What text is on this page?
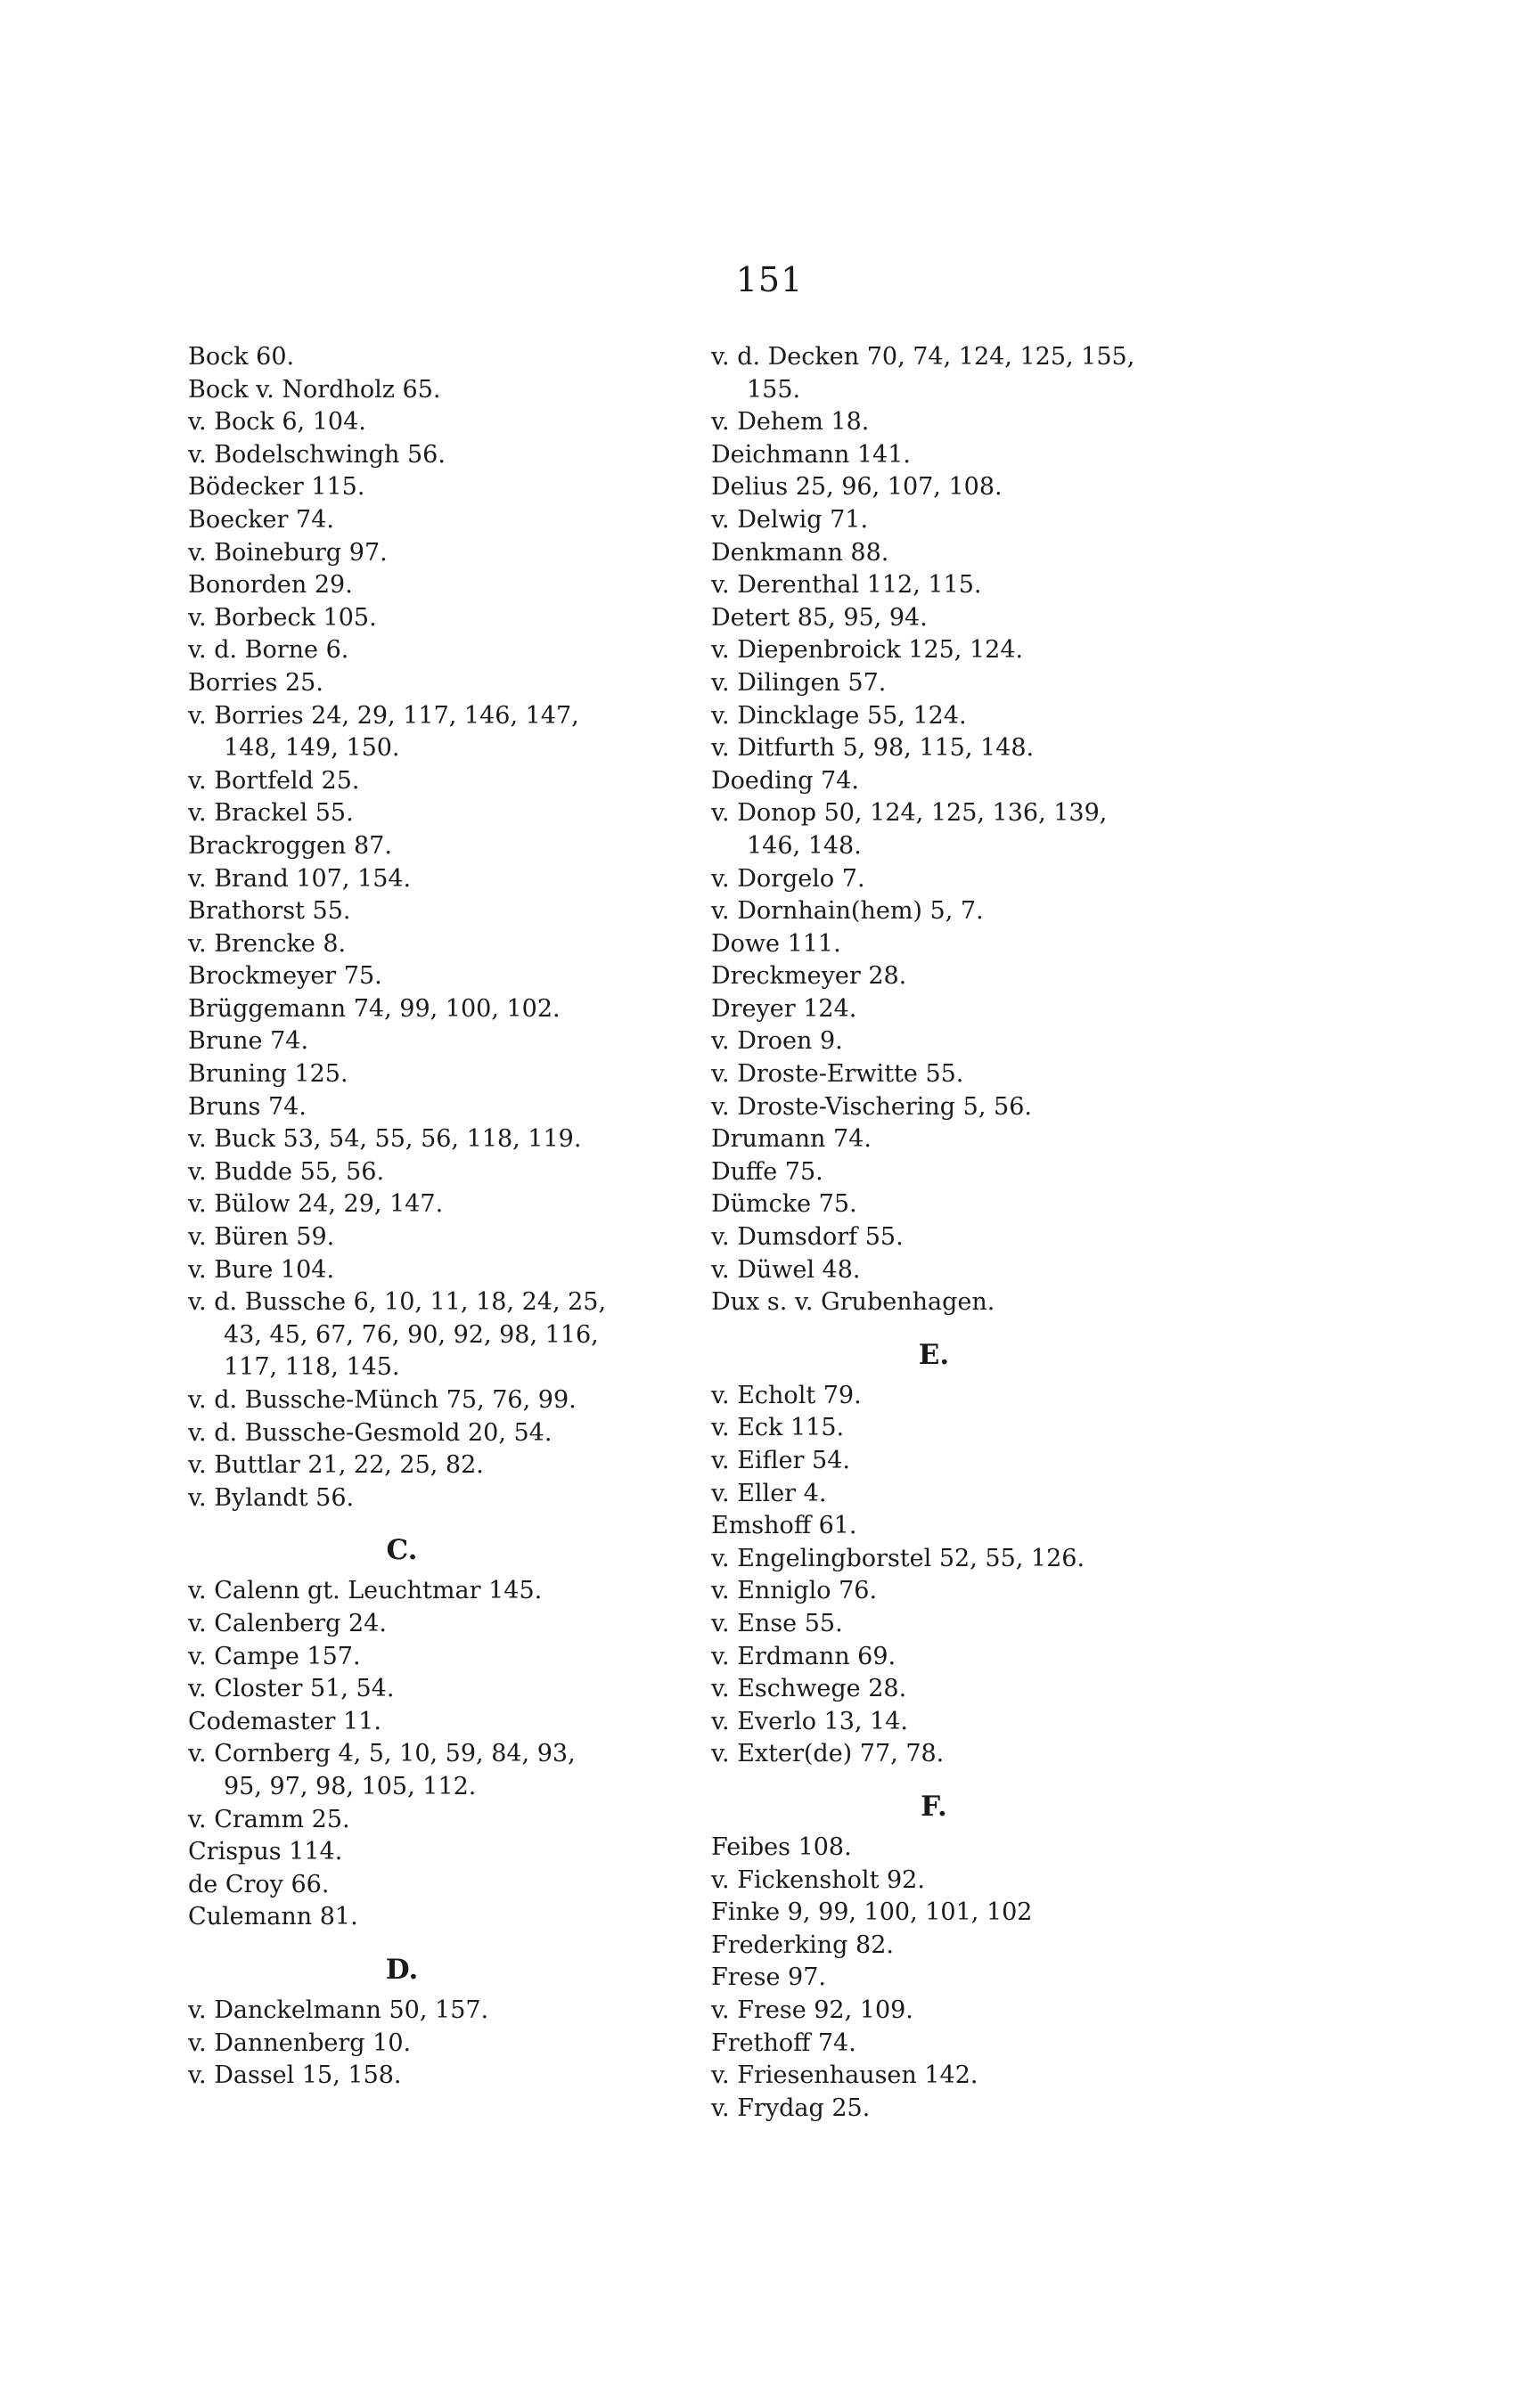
151
Bock 60.
Bock v. Nordholz 65.
v. Bock 6, 104.
v. Bodelschwingh 56.
Bödecker 115.
Boecker 74.
v. Boineburg 97.
Bonorden 29.
v. Borbeck 105.
v. d. Borne 6.
Borries 25.
v. Borries 24, 29, 117, 146, 147,
148, 149, 150.
v. Bortfeld 25.
v. Brackel 55.
Brackroggen 87.
v. Brand 107, 154.
Brathorst 55.
v. Brencke 8.
Brockmeyer 75.
Brüggemann 74, 99, 100, 102.
Brune 74.
Bruning 125.
Bruns 74.
v. Buck 53, 54, 55, 56, 118, 119.
v. Budde 55, 56.
v. Bülow 24, 29, 147.
v. Büren 59.
v. Bure 104.
v. d. Bussche 6, 10, 11, 18, 24, 25,
43, 45, 67, 76, 90, 92, 98, 116,
117, 118, 145.
v. d. Bussche-Münch 75, 76, 99.
v. d. Bussche-Gesmold 20, 54.
v. Buttlar 21, 22, 25, 82.
v. Bylandt 56.
C.
v. Calenn gt. Leuchtmar 145.
v. Calenberg 24.
v. Campe 157.
v. Closter 51, 54.
Codemaster 11.
v. Cornberg 4, 5, 10, 59, 84, 93,
95, 97, 98, 105, 112.
v. Cramm 25.
Crispus 114.
de Croy 66.
Culemann 81.
D.
v. Danckelmann 50, 157.
v. Dannenberg 10.
v. Dassel 15, 158.
v. d. Decken 70, 74, 124, 125, 155,
155.
v. Dehem 18.
Deichmann 141.
Delius 25, 96, 107, 108.
v. Delwig 71.
Denkmann 88.
v. Derenthal 112, 115.
Detert 85, 95, 94.
v. Diepenbroick 125, 124.
v. Dilingen 57.
v. Dincklage 55, 124.
v. Ditfurth 5, 98, 115, 148.
Doeding 74.
v. Donop 50, 124, 125, 136, 139,
146, 148.
v. Dorgelo 7.
v. Dornhain(hem) 5, 7.
Dowe 111.
Dreckmeyer 28.
Dreyer 124.
v. Droen 9.
v. Droste-Erwitte 55.
v. Droste-Vischering 5, 56.
Drumann 74.
Duffe 75.
Dümcke 75.
v. Dumsdorf 55.
v. Düwel 48.
Dux s. v. Grubenhagen.
E.
v. Echolt 79.
v. Eck 115.
v. Eifler 54.
v. Eller 4.
Emshoff 61.
v. Engelingborstel 52, 55, 126.
v. Enniglo 76.
v. Ense 55.
v. Erdmann 69.
v. Eschwege 28.
v. Everlo 13, 14.
v. Exter(de) 77, 78.
F.
Feibes 108.
v. Fickensholt 92.
Finke 9, 99, 100, 101, 102
Frederking 82.
Frese 97.
v. Frese 92, 109.
Frethoff 74.
v. Friesenhausen 142.
v. Frydag 25.
